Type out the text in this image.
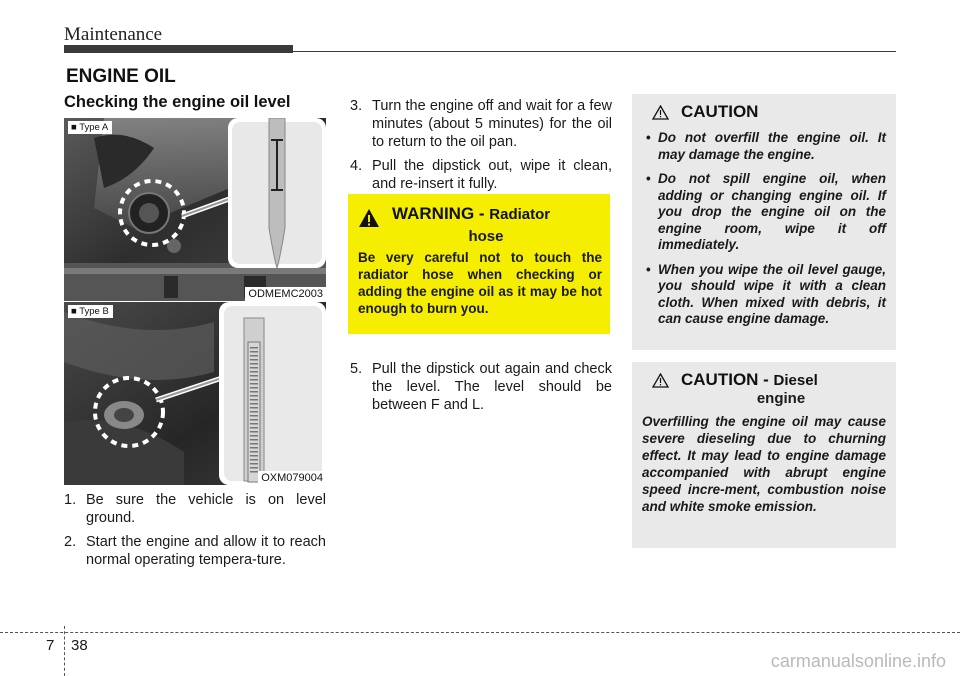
Maintenance
ENGINE OIL
Checking the engine oil level
■ Type A
ODMEMC2003
■ Type B
OXM079004
1. Be sure the vehicle is on level ground.
2. Start the engine and allow it to reach normal operating tempera-ture.
3. Turn the engine off and wait for a few minutes (about 5 minutes) for the oil to return to the oil pan.
4. Pull the dipstick out, wipe it clean, and re-insert it fully.
WARNING - Radiator
hose
Be very careful not to touch the radiator hose when checking or adding the engine oil as it may be hot enough to burn you.
5. Pull the dipstick out again and check the level. The level should be between F and L.
CAUTION
• Do not overfill the engine oil. It may damage the engine.
• Do not spill engine oil, when adding or changing engine oil. If you drop the engine oil on the engine room, wipe it off immediately.
• When you wipe the oil level gauge, you should wipe it with a clean cloth. When mixed with debris, it can cause engine damage.
CAUTION - Diesel
engine
Overfilling the engine oil may cause severe dieseling due to churning effect. It may lead to engine damage accompanied with abrupt engine speed incre-ment, combustion noise and white smoke emission.
7 38
carmanualsonline.info
